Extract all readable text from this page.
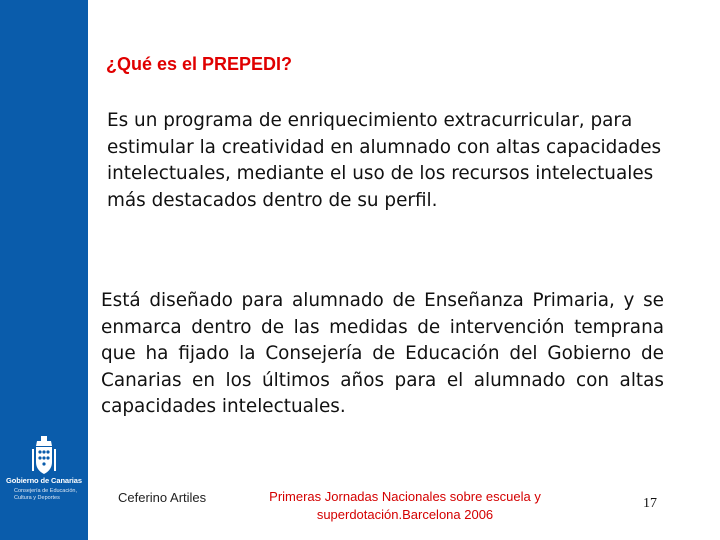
Gobierno de Canarias
Consejería de Educación, Cultura y Deportes
¿Qué es el PREPEDI?
Es un programa de enriquecimiento extracurricular, para
estimular la creatividad en alumnado con altas capacidades
intelectuales, mediante el uso de los recursos intelectuales
más destacados dentro de su perfil.
Está diseñado para alumnado de Enseñanza Primaria, y se enmarca dentro de las medidas de intervención temprana que ha fijado la Consejería de Educación del Gobierno de Canarias en los últimos años para el alumnado con altas capacidades intelectuales.
Ceferino Artiles	Primeras Jornadas Nacionales sobre escuela y
superdotación.Barcelona 2006
17
